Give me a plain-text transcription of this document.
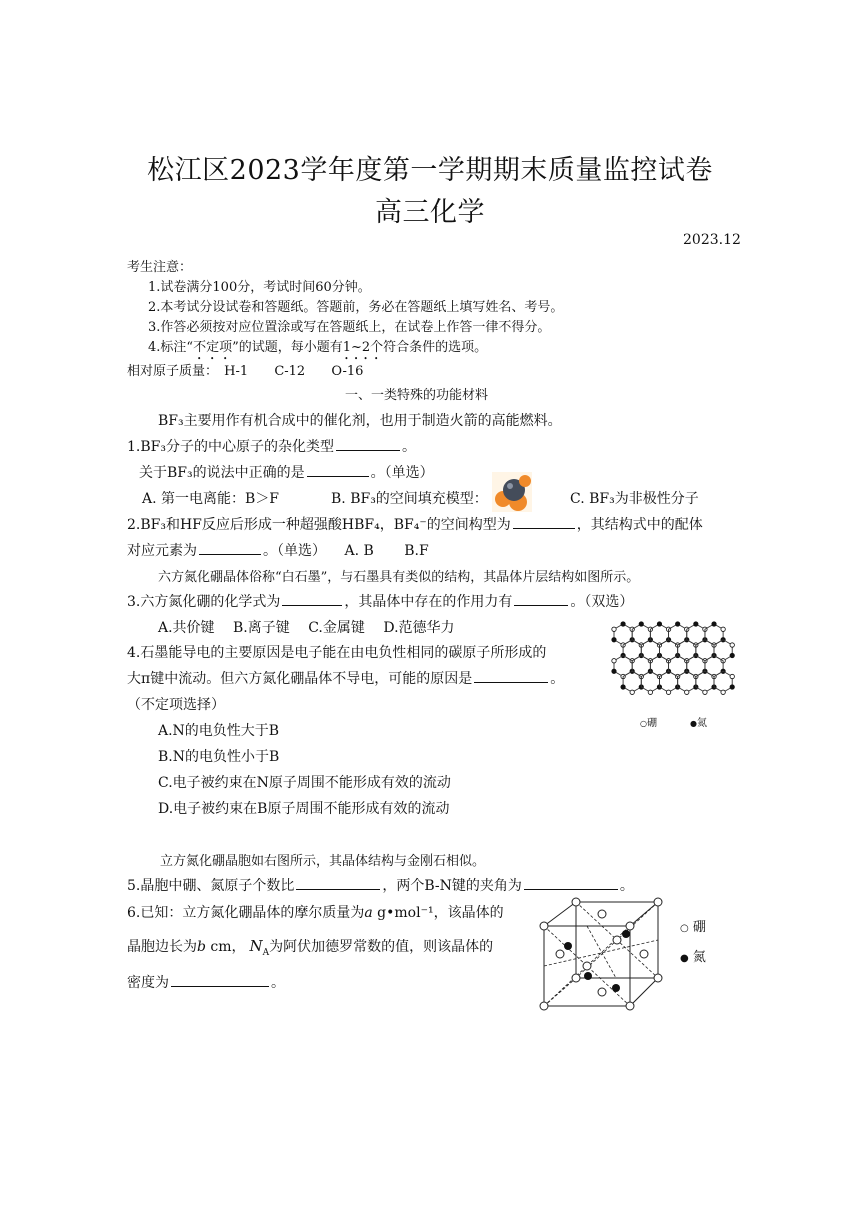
松江区2023学年度第一学期期末质量监控试卷
高三化学
2023.12
考生注意：
1.试卷满分100分，考试时间60分钟。
2.本考试分设试卷和答题纸。答题前，务必在答题纸上填写姓名、考号。
3.作答必须按对应位置涂或写在答题纸上，在试卷上作答一律不得分。
4.标注“不定项”的试题，每小题有1~2个符合条件的选项。
相对原子质量： H-1 C-12 O-16
一、一类特殊的功能材料
BF₃主要用作有机合成中的催化剂，也用于制造火箭的高能燃料。
1.BF₃分子的中心原子的杂化类型	。
关于BF₃的说法中正确的是	。（单选）
A. 第一电离能：B＞F	B. BF₃的空间填充模型：	C. BF₃为非极性分子
2.BF₃和HF反应后形成一种超强酸HBF₄，BF₄⁻的空间构型为	，其结构式中的配体
对应元素为	。（单选） A. B B.F
六方氮化硼晶体俗称“白石墨”，与石墨具有类似的结构，其晶体片层结构如图所示。
3.六方氮化硼的化学式为	，其晶体中存在的作用力有	。（双选）
A.共价键 B.离子键 C.金属键 D.范德华力
4.石墨能导电的主要原因是电子能在由电负性相同的碳原子所形成的
大π键中流动。但六方氮化硼晶体不导电，可能的原因是	。
（不定项选择）
A.N的电负性大于B
B.N的电负性小于B
C.电子被约束在N原子周围不能形成有效的流动
D.电子被约束在B原子周围不能形成有效的流动
○硼	●氮
立方氮化硼晶胞如右图所示，其晶体结构与金刚石相似。
5.晶胞中硼、氮原子个数比	，两个B-N键的夹角为	。
6.已知：立方氮化硼晶体的摩尔质量为a g•mol⁻¹，该晶体的
晶胞边长为b cm， $N_A$为阿伏加德罗常数的值，则该晶体的
密度为	。
○ 硼
● 氮
